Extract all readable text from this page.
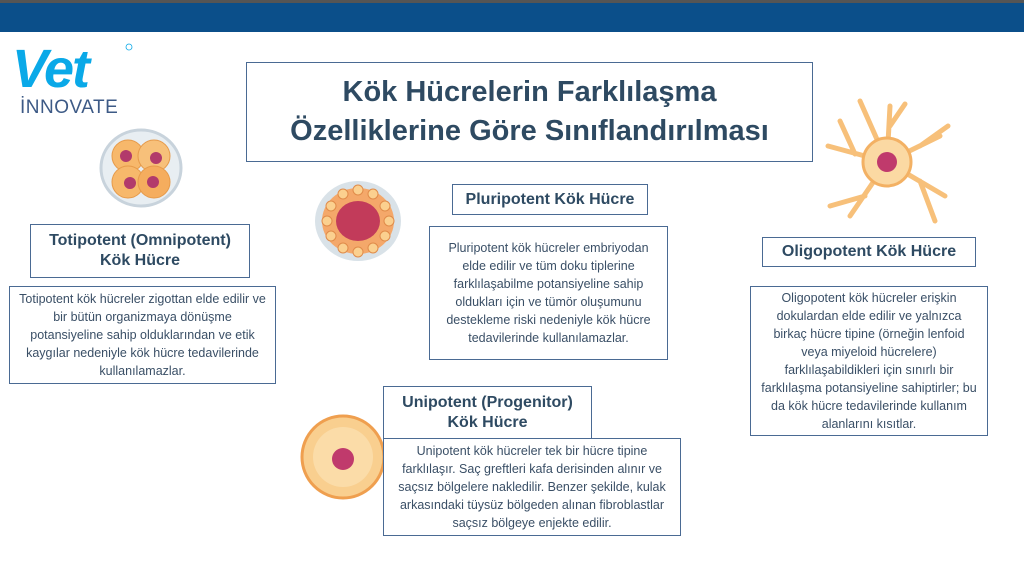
Vet
İNNOVATE	Kök Hücrelerin Farklılaşma
Özelliklerine Göre Sınıflandırılması
Totipotent (Omnipotent)
Kök Hücre
Totipotent kök hücreler zigottan elde edilir ve bir bütün organizmaya dönüşme potansiyeline sahip olduklarından ve etik kaygılar nedeniyle kök hücre tedavilerinde kullanılamazlar.
Pluripotent Kök Hücre
Pluripotent kök hücreler embriyodan elde edilir ve tüm doku tiplerine farklılaşabilme potansiyeline sahip oldukları için ve tümör oluşumunu destekleme riski nedeniyle kök hücre tedavilerinde kullanılamazlar.
Oligopotent Kök Hücre
Oligopotent kök hücreler erişkin dokulardan elde edilir ve yalnızca birkaç hücre tipine (örneğin lenfoid veya miyeloid hücrelere) farklılaşabildikleri için sınırlı bir farklılaşma potansiyeline sahiptirler; bu da kök hücre tedavilerinde kullanım alanlarını kısıtlar.
Unipotent (Progenitor)
Kök Hücre
Unipotent kök hücreler tek bir hücre tipine farklılaşır. Saç greftleri kafa derisinden alınır ve saçsız bölgelere nakledilir. Benzer şekilde, kulak arkasındaki tüysüz bölgeden alınan fibroblastlar saçsız bölgeye enjekte edilir.
